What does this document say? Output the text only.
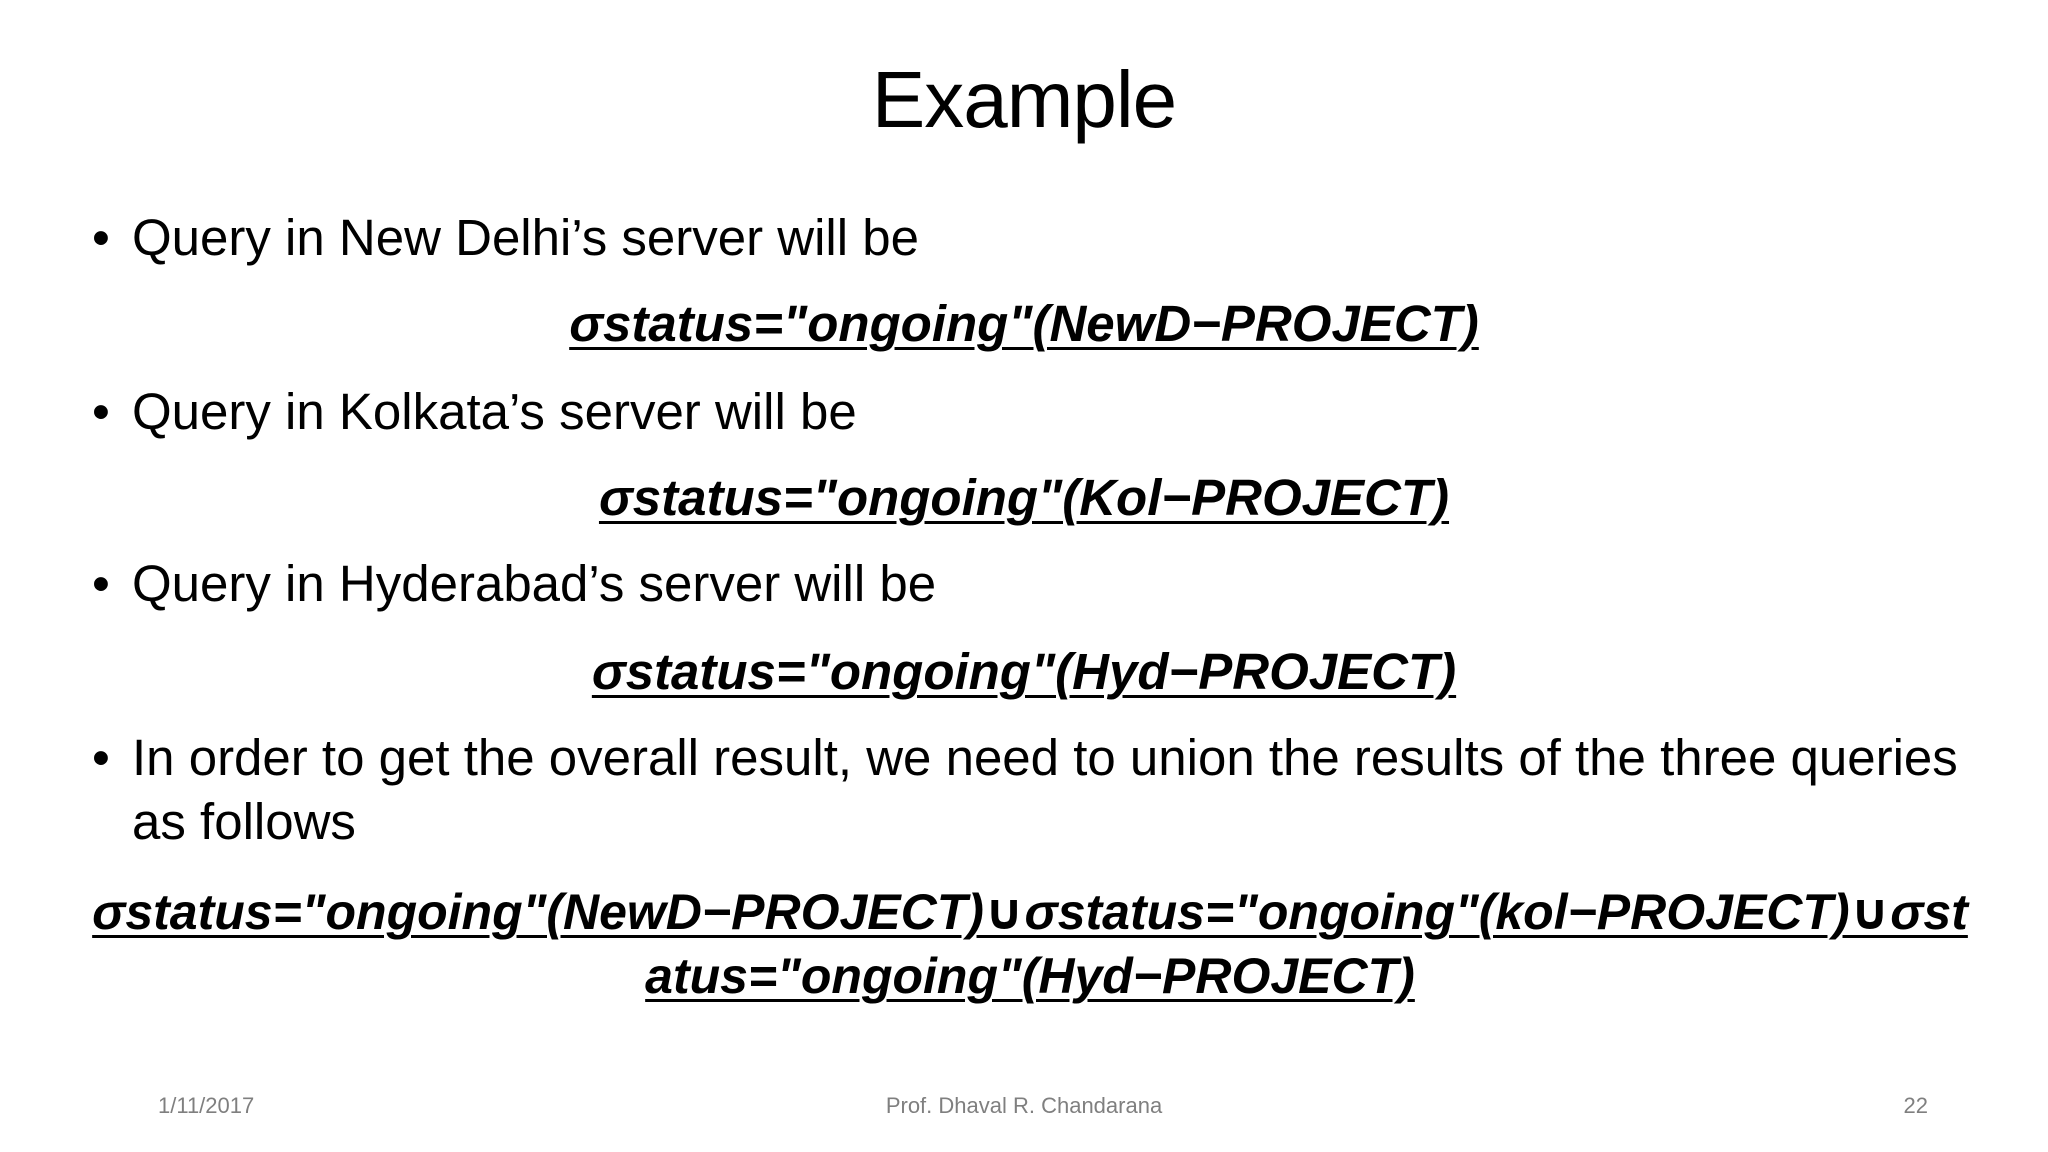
Example
• Query in New Delhi’s server will be
σstatus="ongoing"(NewD−PROJECT)
• Query in Kolkata’s server will be
σstatus="ongoing"(Kol−PROJECT)
• Query in Hyderabad’s server will be
σstatus="ongoing"(Hyd−PROJECT)
• In order to get the overall result, we need to union the results of the three queries as follows
σstatus="ongoing"(NewD−PROJECT)∪σstatus="ongoing"(kol−PROJECT)∪σstatus="ongoing"(Hyd−PROJECT)
1/11/2017	Prof. Dhaval R. Chandarana	22
